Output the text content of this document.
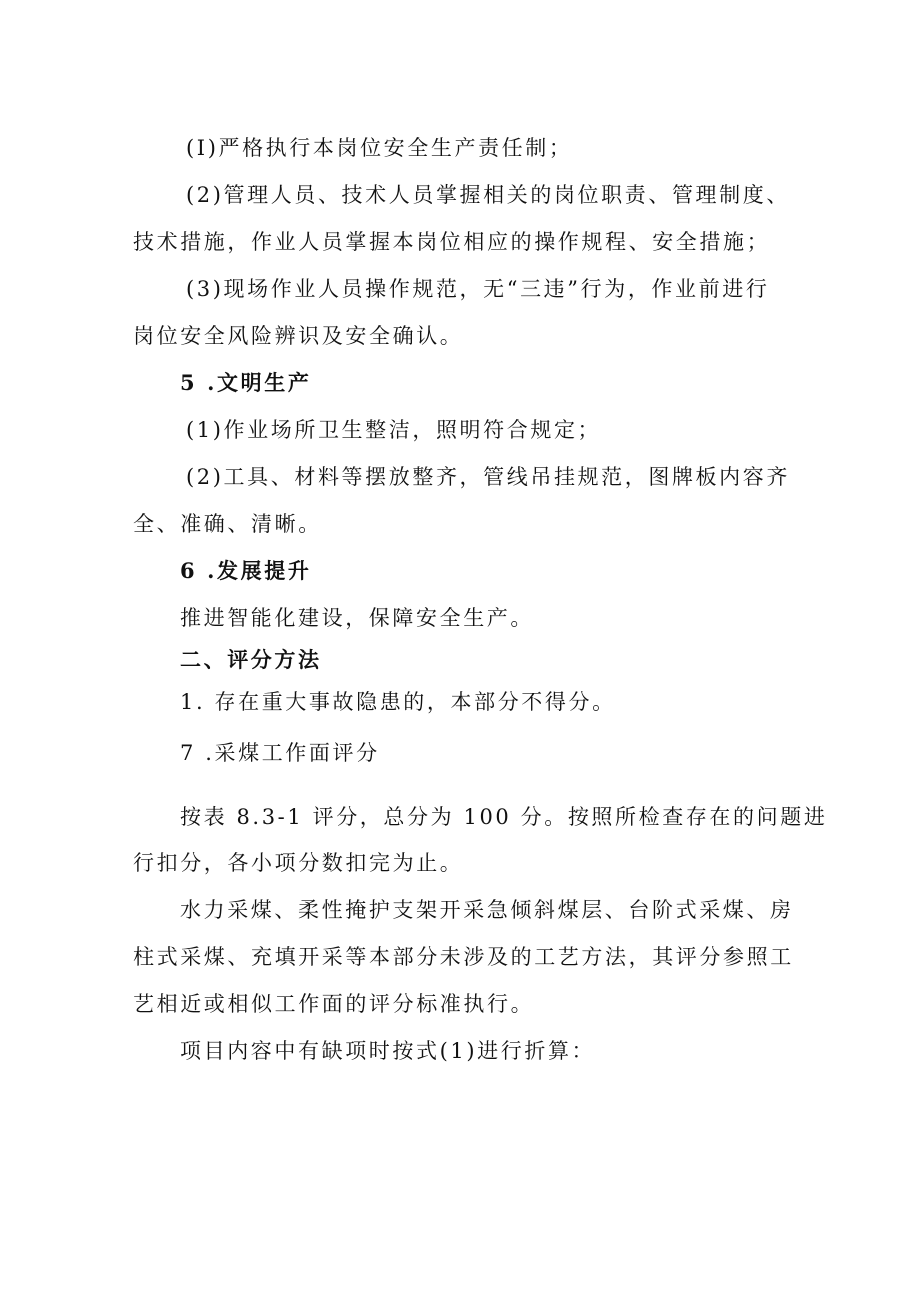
(I)严格执行本岗位安全生产责任制；
(2)管理人员、技术人员掌握相关的岗位职责、管理制度、
技术措施，作业人员掌握本岗位相应的操作规程、安全措施；
(3)现场作业人员操作规范，无“三违”行为，作业前进行
岗位安全风险辨识及安全确认。
5 .文明生产
(1)作业场所卫生整洁，照明符合规定；
(2)工具、材料等摆放整齐，管线吊挂规范，图牌板内容齐
全、准确、清晰。
6 .发展提升
推进智能化建设，保障安全生产。
二、评分方法
1. 存在重大事故隐患的，本部分不得分。
7 .采煤工作面评分
按表 8.3-1 评分，总分为 100 分。按照所检查存在的问题进
行扣分，各小项分数扣完为止。
水力采煤、柔性掩护支架开采急倾斜煤层、台阶式采煤、房
柱式采煤、充填开采等本部分未涉及的工艺方法，其评分参照工
艺相近或相似工作面的评分标准执行。
项目内容中有缺项时按式(1)进行折算：
